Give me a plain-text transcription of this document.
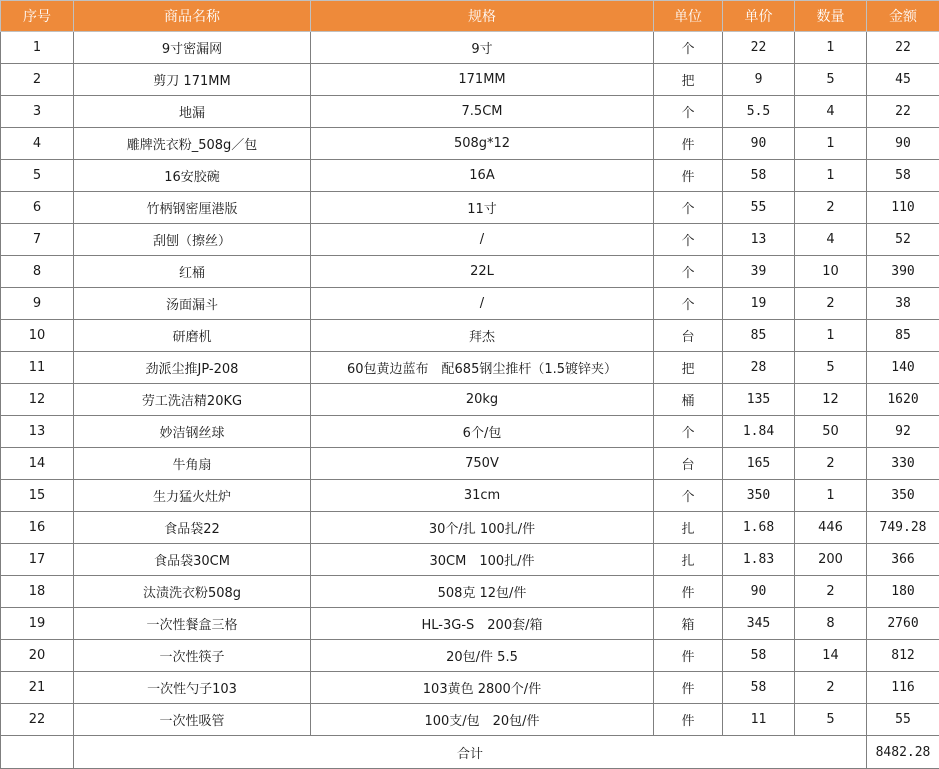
序号	商品名称	规格	单位	单价	数量	金额
1	9寸密漏网	9寸	个	22	1	22
2	剪刀 171MM	171MM	把	9	5	45
3	地漏	7.5CM	个	5.5	4	22
4	雕牌洗衣粉_508g／包	508g*12	件	90	1	90
5	16安胶碗	16A	件	58	1	58
6	竹柄钢密厘港版	11寸	个	55	2	110
7	刮刨（擦丝）	/	个	13	4	52
8	红桶	22L	个	39	10	390
9	汤面漏斗	/	个	19	2	38
10	研磨机	拜杰	台	85	1	85
11	劲派尘推JP-208	60包黄边蓝布　配685钢尘推杆（1.5镀锌夹）	把	28	5	140
12	劳工洗洁精20KG	20kg	桶	135	12	1620
13	妙洁钢丝球	6个/包	个	1.84	50	92
14	牛角扇	750V	台	165	2	330
15	生力猛火灶炉	31cm	个	350	1	350
16	食品袋22	30个/扎 100扎/件	扎	1.68	446	749.28
17	食品袋30CM	30CM　100扎/件	扎	1.83	200	366
18	汰渍洗衣粉508g	508克 12包/件	件	90	2	180
19	一次性餐盒三格	HL-3G-S　200套/箱	箱	345	8	2760
20	一次性筷子	20包/件 5.5	件	58	14	812
21	一次性勺子103	103黄色 2800个/件	件	58	2	116
22	一次性吸管	100支/包　20包/件	件	11	5	55
	合计					8482.28
